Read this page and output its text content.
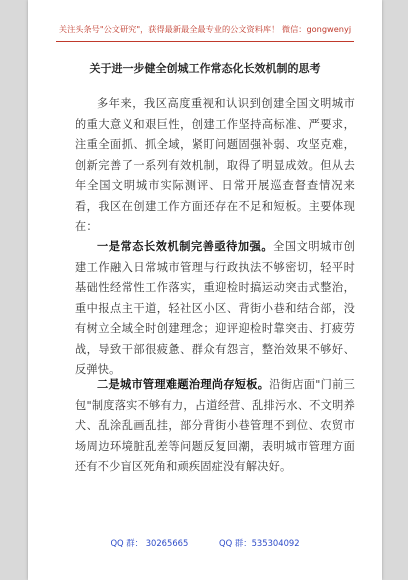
关注头条号"公文研究"，获得最新最全最专业的公文资料库！ 微信：gongwenyj
关于进一步健全创城工作常态化长效机制的思考

多年来，我区高度重视和认识到创建全国文明城市的重大意义和艰巨性，创建工作坚持高标准、严要求，注重全面抓、抓全域，紧盯问题固强补弱、攻坚克难，创新完善了一系列有效机制，取得了明显成效。但从去年全国文明城市实际测评、日常开展巡查督查情况来看，我区在创建工作方面还存在不足和短板。主要体现在：

一是常态长效机制完善亟待加强。全国文明城市创建工作融入日常城市管理与行政执法不够密切，轻平时基础性经常性工作落实，重迎检时搞运动突击式整治，重中报点主干道，轻社区小区、背街小巷和结合部，没有树立全域全时创建理念；迎评迎检时靠突击、打疲劳战，导致干部很疲惫、群众有怨言，整治效果不够好、反弹快。

二是城市管理难题治理尚存短板。沿街店面"门前三包"制度落实不够有力，占道经营、乱排污水、不文明养犬、乱涂乱画乱挂，部分背街小巷管理不到位、农贸市场周边环境脏乱差等问题反复回潮，表明城市管理方面还有不少盲区死角和顽疾固症没有解决好。

QQ 群： 30265665	QQ 群：535304092
